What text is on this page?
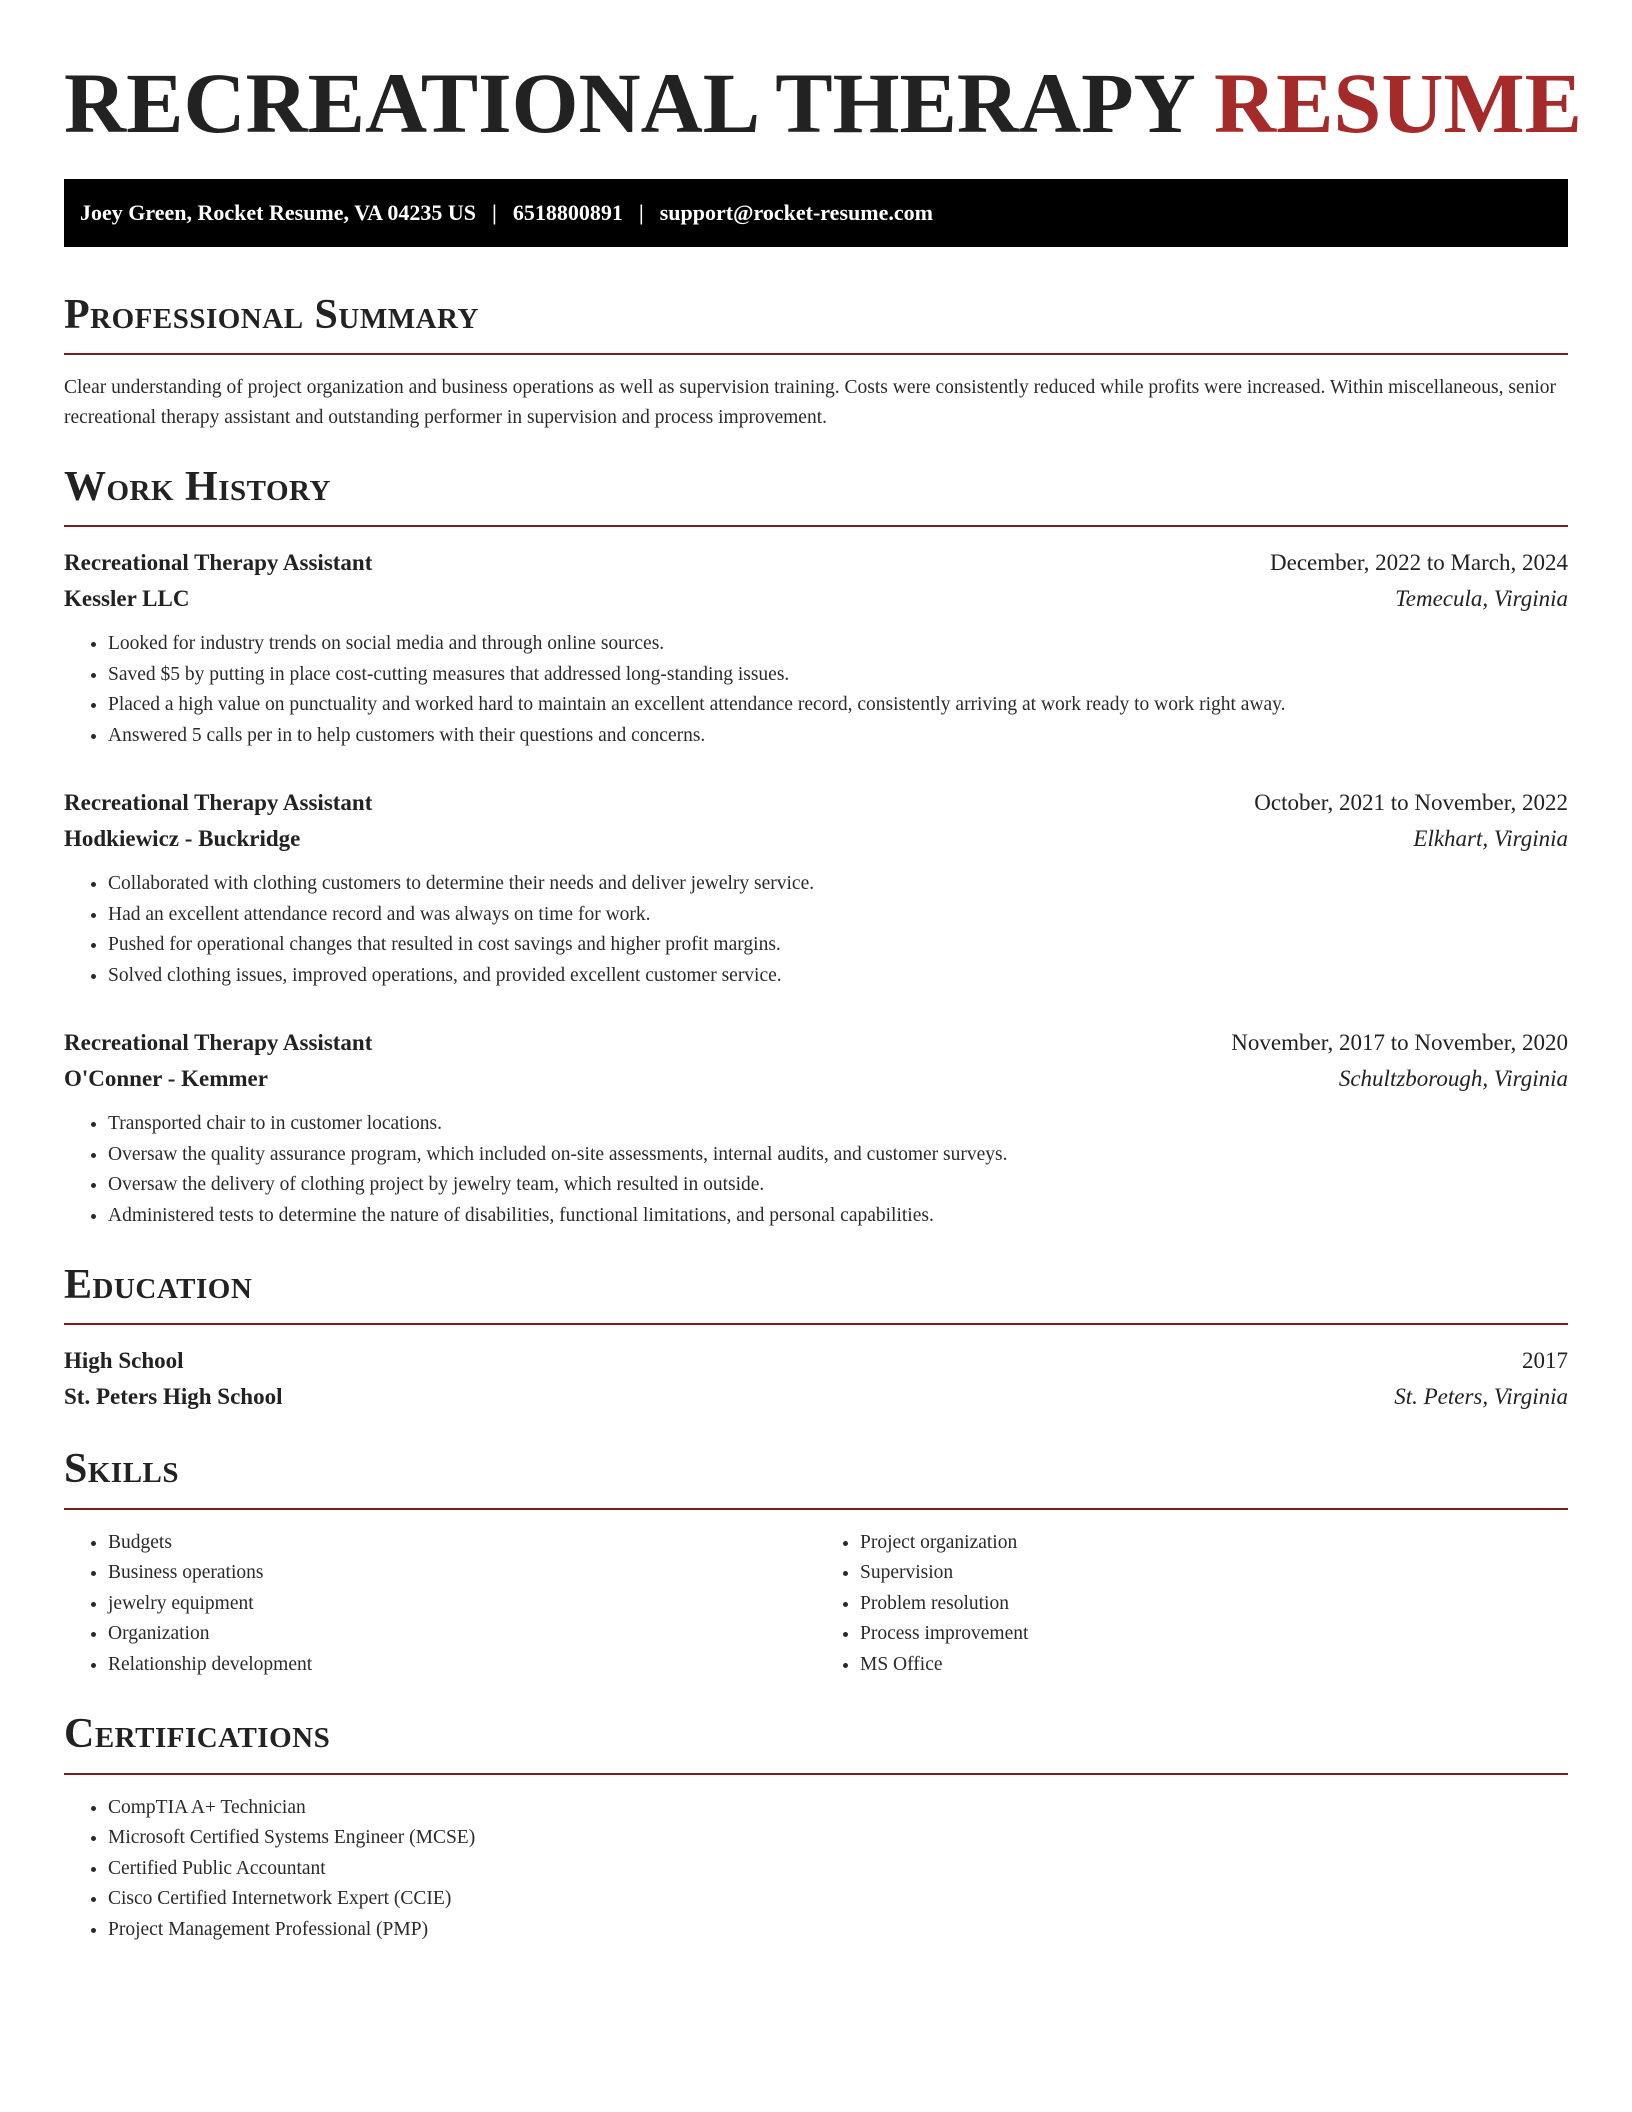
RECREATIONAL THERAPY RESUME
Joey Green, Rocket Resume, VA 04235 US | 6518800891 | support@rocket-resume.com
Professional Summary

Clear understanding of project organization and business operations as well as supervision training. Costs were consistently reduced while profits were increased. Within miscellaneous, senior recreational therapy assistant and outstanding performer in supervision and process improvement.

Work History
Recreational Therapy Assistant	December, 2022 to March, 2024
Kessler LLC	Temecula, Virginia
• Looked for industry trends on social media and through online sources.
• Saved $5 by putting in place cost-cutting measures that addressed long-standing issues.
• Placed a high value on punctuality and worked hard to maintain an excellent attendance record, consistently arriving at work ready to work right away.
• Answered 5 calls per in to help customers with their questions and concerns.
Recreational Therapy Assistant	October, 2021 to November, 2022
Hodkiewicz - Buckridge	Elkhart, Virginia
• Collaborated with clothing customers to determine their needs and deliver jewelry service.
• Had an excellent attendance record and was always on time for work.
• Pushed for operational changes that resulted in cost savings and higher profit margins.
• Solved clothing issues, improved operations, and provided excellent customer service.
Recreational Therapy Assistant	November, 2017 to November, 2020
O'Conner - Kemmer	Schultzborough, Virginia
• Transported chair to in customer locations.
• Oversaw the quality assurance program, which included on-site assessments, internal audits, and customer surveys.
• Oversaw the delivery of clothing project by jewelry team, which resulted in outside.
• Administered tests to determine the nature of disabilities, functional limitations, and personal capabilities.
Education
High School	2017
St. Peters High School	St. Peters, Virginia
Skills
• Budgets
• Business operations
• jewelry equipment
• Organization
• Relationship development
• Project organization
• Supervision
• Problem resolution
• Process improvement
• MS Office
Certifications
• CompTIA A+ Technician
• Microsoft Certified Systems Engineer (MCSE)
• Certified Public Accountant
• Cisco Certified Internetwork Expert (CCIE)
• Project Management Professional (PMP)
